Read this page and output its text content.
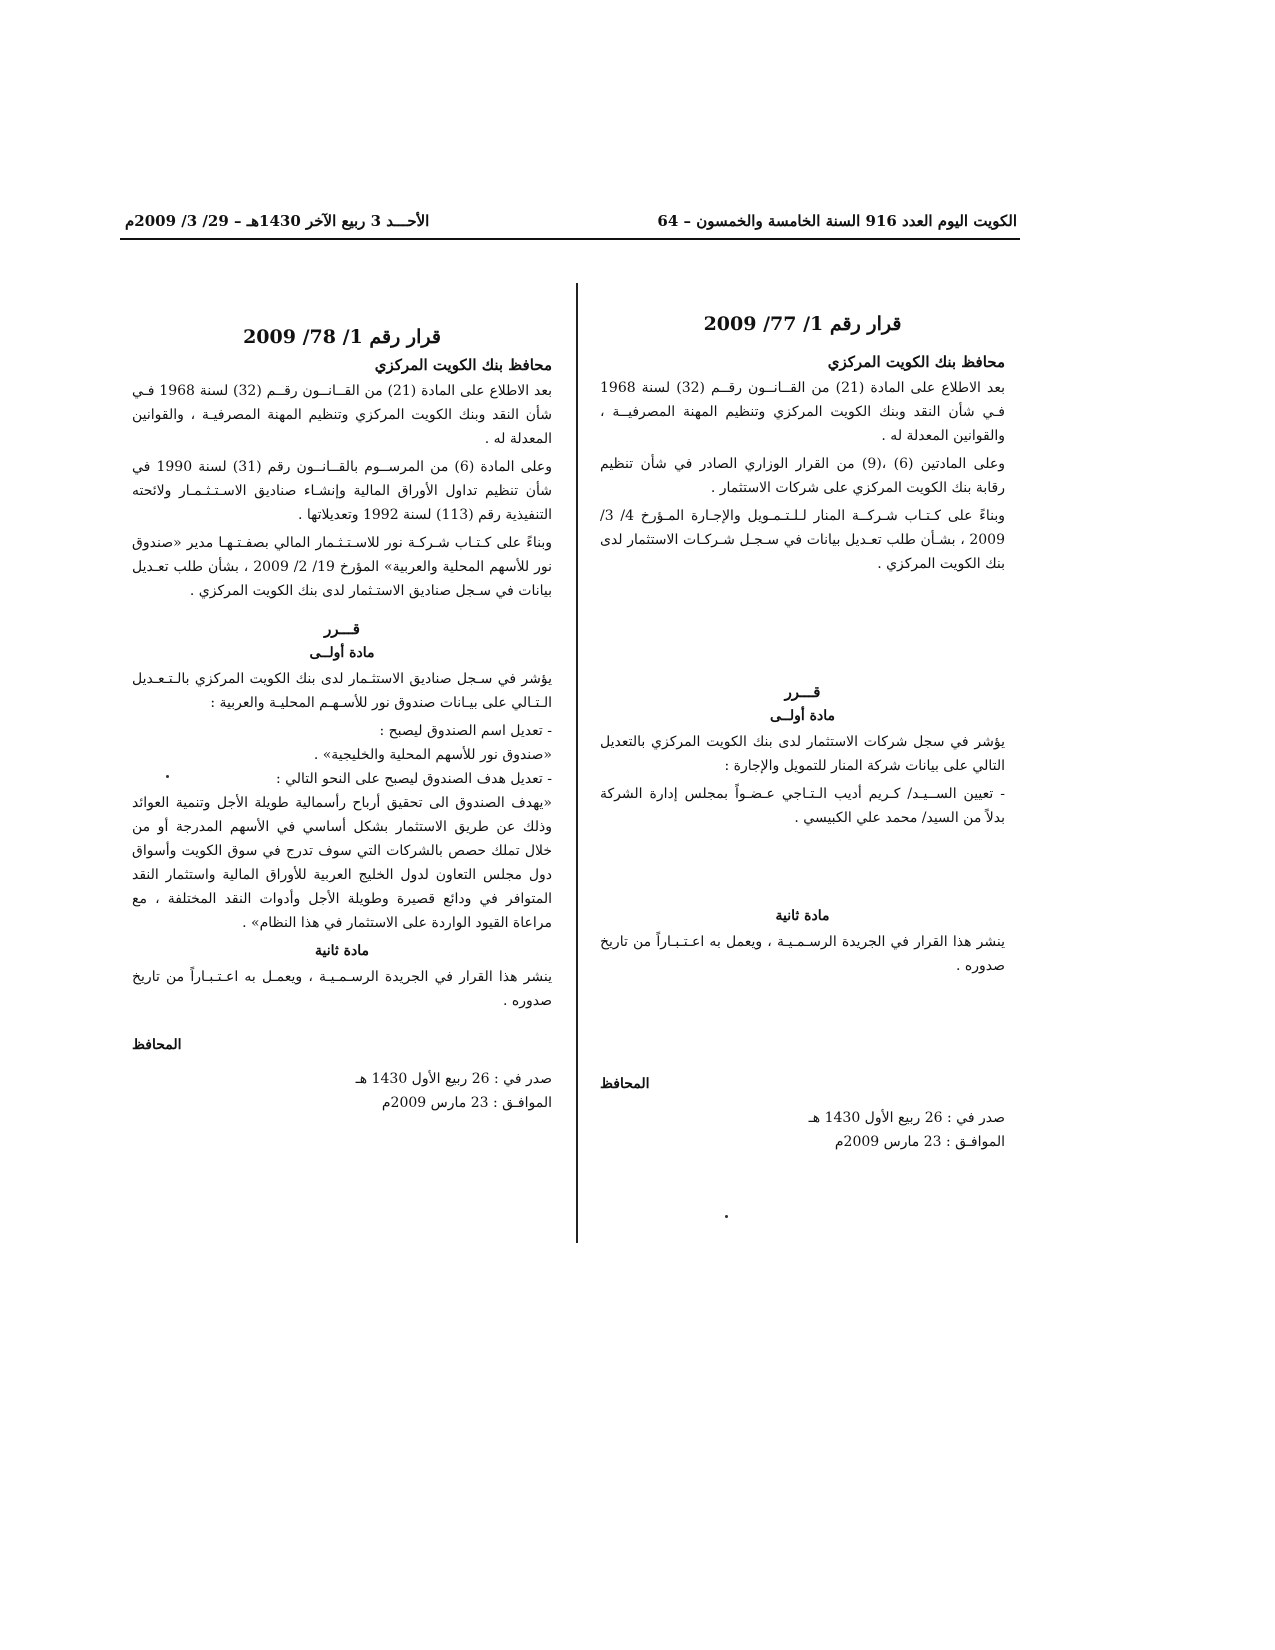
الأحـــد 3 ربيع الآخر 1430هـ – 29/ 3/ 2009م	الكويت اليوم العدد 916 السنة الخامسة والخمسون – 64
قرار رقم 1/ 77/ 2009
محافظ بنك الكويت المركزي

بعد الاطلاع على المادة (21) من القــانــون رقــم (32) لسنة 1968 فـي شأن النقد وبنك الكويت المركزي وتنظيم المهنة المصرفيــة ، والقوانين المعدلة له .

وعلى المادتين (6) ،(9) من القرار الوزاري الصادر في شأن تنظيم رقابة بنك الكويت المركزي على شركات الاستثمار .

وبناءً على كـتـاب شـركــة المنار لـلـتـمـويل والإجـارة المـؤرخ 4/ 3/ 2009 ، بشـأن طلب تعـديل بيانات في سـجـل شـركـات الاستثمار لدى بنك الكويت المركزي .

قـــرر
مادة أولــى

يؤشر في سجل شركات الاستثمار لدى بنك الكويت المركزي بالتعديل التالي على بيانات شركة المنار للتمويل والإجارة :

- تعيين الســيـد/ كـريم أديب الـتـاجي عـضـواً بمجلس إدارة الشركة بدلاً من السيد/ محمد علي الكبيسي .

مادة ثانية

ينشر هذا القرار في الجريدة الرسـمـيـة ، ويعمل به اعـتـبـاراً من تاريخ صدوره .

المحافظ

صدر في : 26 ربيع الأول 1430 هـ

الموافـق : 23 مارس 2009م

قرار رقم 1/ 78/ 2009
محافظ بنك الكويت المركزي

بعد الاطلاع على المادة (21) من القــانــون رقــم (32) لسنة 1968 فـي شأن النقد وبنك الكويت المركزي وتنظيم المهنة المصرفيـة ، والقوانين المعدلة له .

وعلى المادة (6) من المرســوم بالقــانــون رقم (31) لسنة 1990 في شأن تنظيم تداول الأوراق المالية وإنشـاء صناديق الاسـتـثـمـار ولائحته التنفيذية رقم (113) لسنة 1992 وتعديلاتها .

وبناءً على كـتـاب شـركـة نور للاسـتـثـمار المالي بصفـتـهـا مدير «صندوق نور للأسهم المحلية والعربية» المؤرخ 19/ 2/ 2009 ، بشأن طلب تعـديل بيانات في سـجل صناديق الاستـثمار لدى بنك الكويت المركزي .

قـــرر
مادة أولــى

يؤشر في سـجل صناديق الاستثـمار لدى بنك الكويت المركزي بالـتـعـديل الـتـالي على بيـانات صندوق نور للأسـهـم المحليـة والعربية :

- تعديل اسم الصندوق ليصبح :

«صندوق نور للأسهم المحلية والخليجية» .

- تعديل هدف الصندوق ليصبح على النحو التالي :

«يهدف الصندوق الى تحقيق أرباح رأسمالية طويلة الأجل وتنمية العوائد وذلك عن طريق الاستثمار بشكل أساسي في الأسهم المدرجة أو من خلال تملك حصص بالشركات التي سوف تدرج في سوق الكويت وأسواق دول مجلس التعاون لدول الخليج العربية للأوراق المالية واستثمار النقد المتوافر في ودائع قصيرة وطويلة الأجل وأدوات النقد المختلفة ، مع مراعاة القيود الواردة على الاستثمار في هذا النظام» .

مادة ثانية

ينشر هذا القرار في الجريدة الرسـمـيـة ، ويعمـل به اعـتـبـاراً من تاريخ صدوره .

المحافظ

صدر في : 26 ربيع الأول 1430 هـ

الموافـق : 23 مارس 2009م
